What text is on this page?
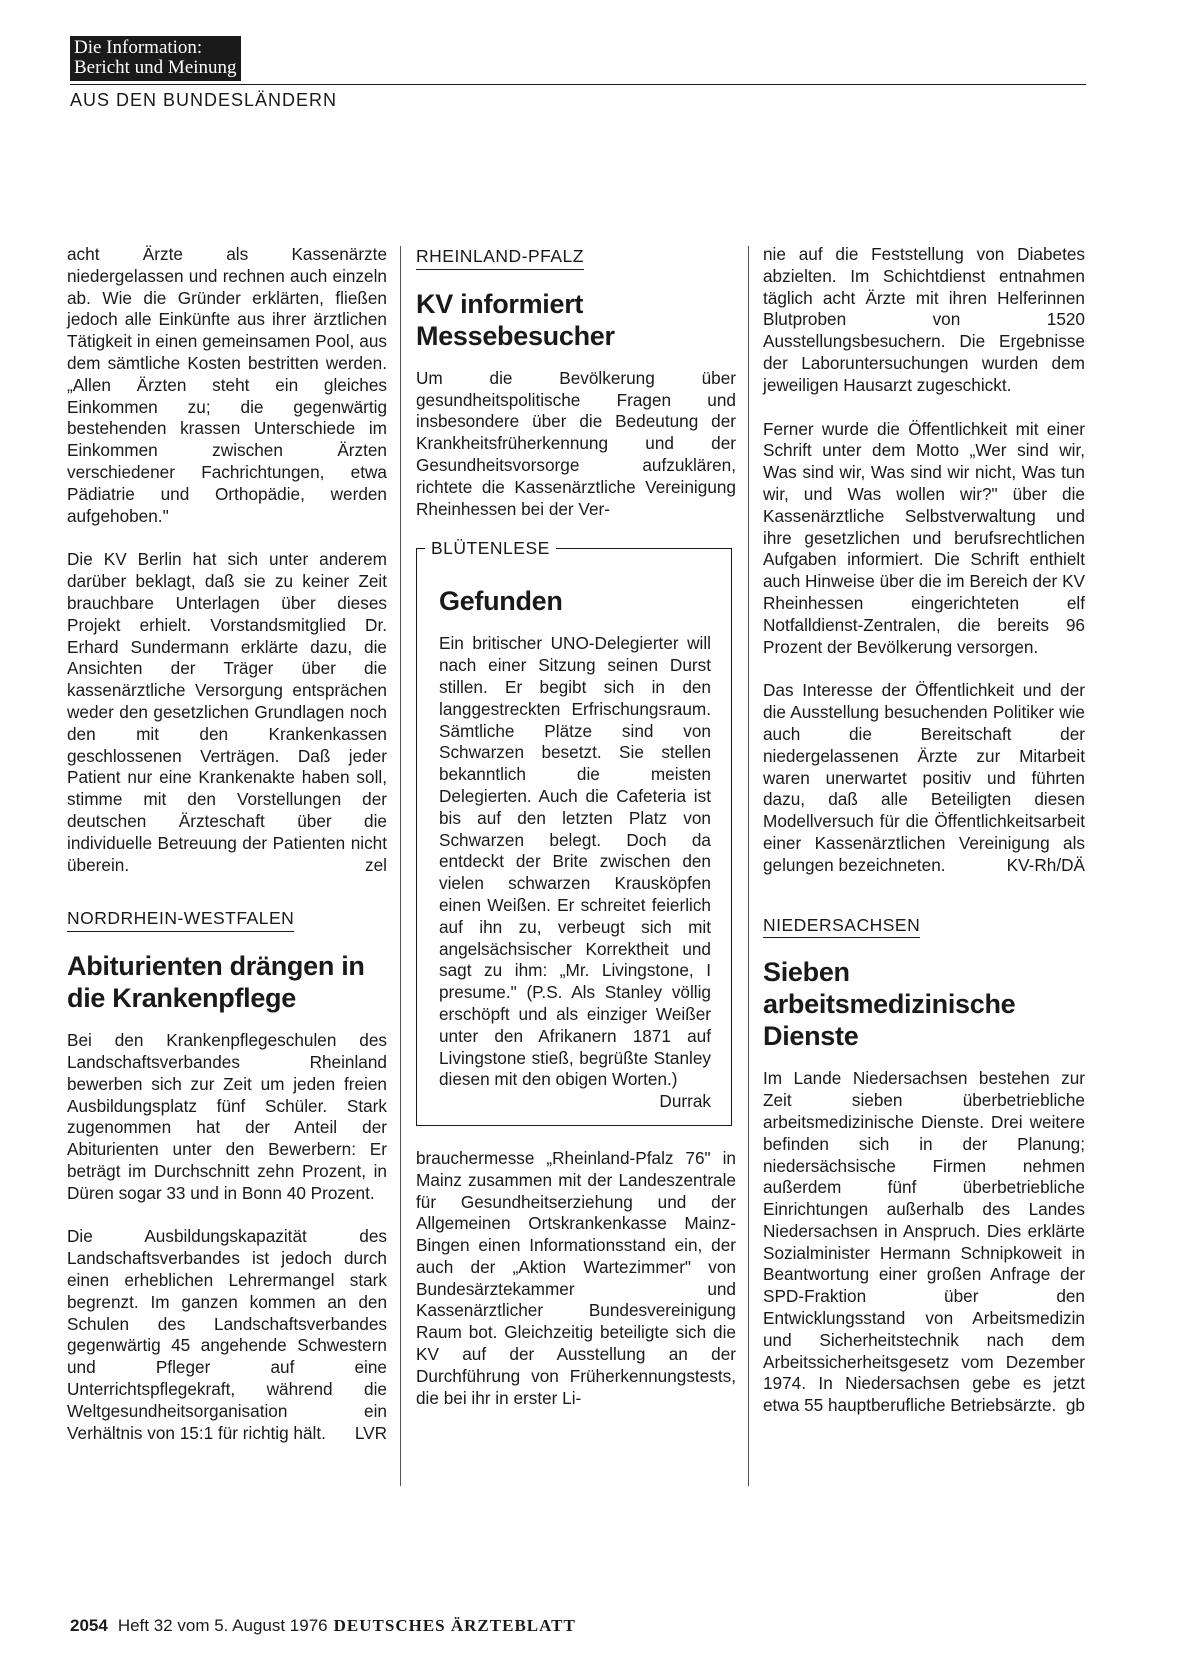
Die Information:
Bericht und Meinung
AUS DEN BUNDESLÄNDERN

acht Ärzte als Kassenärzte niedergelassen und rechnen auch einzeln ab. Wie die Gründer erklärten, fließen jedoch alle Einkünfte aus ihrer ärztlichen Tätigkeit in einen gemeinsamen Pool, aus dem sämtliche Kosten bestritten werden. „Allen Ärzten steht ein gleiches Einkommen zu; die gegenwärtig bestehenden krassen Unterschiede im Einkommen zwischen Ärzten verschiedener Fachrichtungen, etwa Pädiatrie und Orthopädie, werden aufgehoben."

Die KV Berlin hat sich unter anderem darüber beklagt, daß sie zu keiner Zeit brauchbare Unterlagen über dieses Projekt erhielt. Vorstandsmitglied Dr. Erhard Sundermann erklärte dazu, die Ansichten der Träger über die kassenärztliche Versorgung entsprächen weder den gesetzlichen Grundlagen noch den mit den Krankenkassen geschlossenen Verträgen. Daß jeder Patient nur eine Krankenakte haben soll, stimme mit den Vorstellungen der deutschen Ärzteschaft über die individuelle Betreuung der Patienten nicht überein.	zel

NORDRHEIN-WESTFALEN
Abiturienten drängen in die Krankenpflege

Bei den Krankenpflegeschulen des Landschaftsverbandes Rheinland bewerben sich zur Zeit um jeden freien Ausbildungsplatz fünf Schüler. Stark zugenommen hat der Anteil der Abiturienten unter den Bewerbern: Er beträgt im Durchschnitt zehn Prozent, in Düren sogar 33 und in Bonn 40 Prozent.

Die Ausbildungskapazität des Landschaftsverbandes ist jedoch durch einen erheblichen Lehrermangel stark begrenzt. Im ganzen kommen an den Schulen des Landschaftsverbandes gegenwärtig 45 angehende Schwestern und Pfleger auf eine Unterrichtspflegekraft, während die Weltgesundheitsorganisation ein Verhältnis von 15:1 für richtig hält. LVR

RHEINLAND-PFALZ
KV informiert Messebesucher

Um die Bevölkerung über gesundheitspolitische Fragen und insbesondere über die Bedeutung der Krankheitsfrüherkennung und der Gesundheitsvorsorge aufzuklären, richtete die Kassenärztliche Vereinigung Rheinhessen bei der Ver-

BLÜTENLESE
Gefunden

Ein britischer UNO-Delegierter will nach einer Sitzung seinen Durst stillen. Er begibt sich in den langgestreckten Erfrischungsraum. Sämtliche Plätze sind von Schwarzen besetzt. Sie stellen bekanntlich die meisten Delegierten. Auch die Cafeteria ist bis auf den letzten Platz von Schwarzen belegt. Doch da entdeckt der Brite zwischen den vielen schwarzen Krausköpfen einen Weißen. Er schreitet feierlich auf ihn zu, verbeugt sich mit angelsächsischer Korrektheit und sagt zu ihm: „Mr. Livingstone, I presume." (P.S. Als Stanley völlig erschöpft und als einziger Weißer unter den Afrikanern 1871 auf Livingstone stieß, begrüßte Stanley diesen mit den obigen Worten.)

Durrak

brauchermesse „Rheinland-Pfalz 76" in Mainz zusammen mit der Landeszentrale für Gesundheitserziehung und der Allgemeinen Ortskrankenkasse Mainz-Bingen einen Informationsstand ein, der auch der „Aktion Wartezimmer" von Bundesärztekammer und Kassenärztlicher Bundesvereinigung Raum bot. Gleichzeitig beteiligte sich die KV auf der Ausstellung an der Durchführung von Früherkennungstests, die bei ihr in erster Li-

nie auf die Feststellung von Diabetes abzielten. Im Schichtdienst entnahmen täglich acht Ärzte mit ihren Helferinnen Blutproben von 1520 Ausstellungsbesuchern. Die Ergebnisse der Laboruntersuchungen wurden dem jeweiligen Hausarzt zugeschickt.

Ferner wurde die Öffentlichkeit mit einer Schrift unter dem Motto „Wer sind wir, Was sind wir, Was sind wir nicht, Was tun wir, und Was wollen wir?" über die Kassenärztliche Selbstverwaltung und ihre gesetzlichen und berufsrechtlichen Aufgaben informiert. Die Schrift enthielt auch Hinweise über die im Bereich der KV Rheinhessen eingerichteten elf Notfalldienst-Zentralen, die bereits 96 Prozent der Bevölkerung versorgen.

Das Interesse der Öffentlichkeit und der die Ausstellung besuchenden Politiker wie auch die Bereitschaft der niedergelassenen Ärzte zur Mitarbeit waren unerwartet positiv und führten dazu, daß alle Beteiligten diesen Modellversuch für die Öffentlichkeitsarbeit einer Kassenärztlichen Vereinigung als gelungen bezeichneten.	KV-Rh/DÄ

NIEDERSACHSEN
Sieben arbeitsmedizinische Dienste

Im Lande Niedersachsen bestehen zur Zeit sieben überbetriebliche arbeitsmedizinische Dienste. Drei weitere befinden sich in der Planung; niedersächsische Firmen nehmen außerdem fünf überbetriebliche Einrichtungen außerhalb des Landes Niedersachsen in Anspruch. Dies erklärte Sozialminister Hermann Schnipkoweit in Beantwortung einer großen Anfrage der SPD-Fraktion über den Entwicklungsstand von Arbeitsmedizin und Sicherheitstechnik nach dem Arbeitssicherheitsgesetz vom Dezember 1974. In Niedersachsen gebe es jetzt etwa 55 hauptberufliche Betriebsärzte. gb

2054 Heft 32 vom 5. August 1976 DEUTSCHES ÄRZTEBLATT
